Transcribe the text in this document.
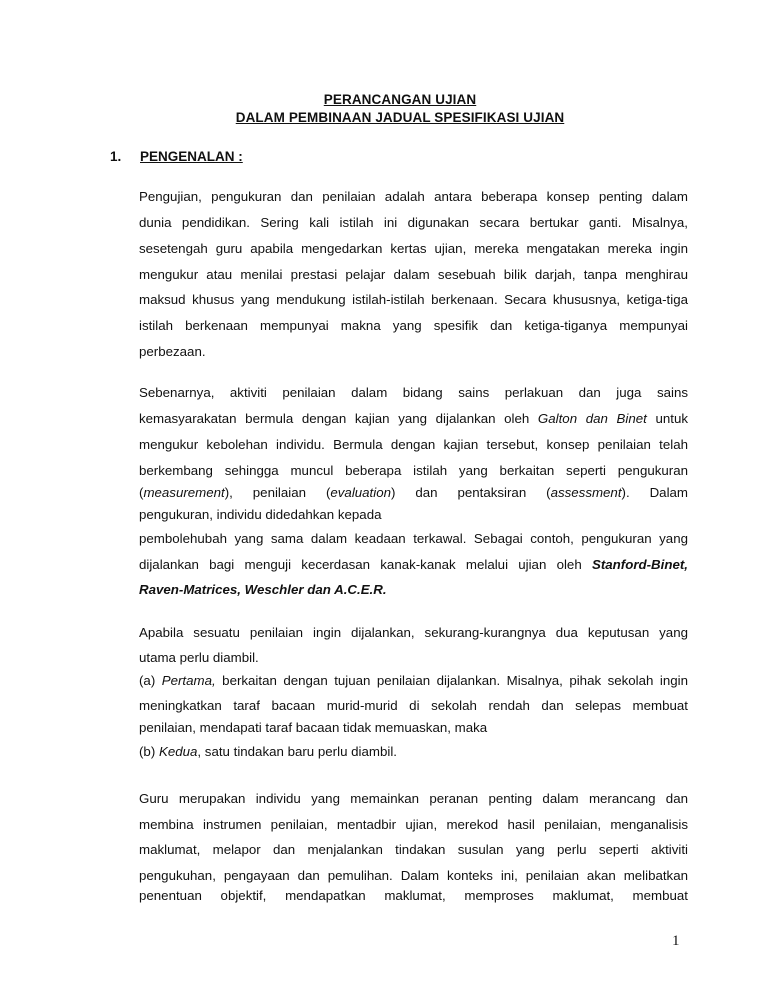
PERANCANGAN UJIAN
DALAM PEMBINAAN JADUAL SPESIFIKASI UJIAN
1. PENGENALAN :
Pengujian, pengukuran dan penilaian adalah antara beberapa konsep penting dalam
dunia pendidikan. Sering kali istilah ini digunakan secara bertukar ganti. Misalnya,
sesetengah guru apabila mengedarkan kertas ujian, mereka mengatakan mereka ingin
mengukur atau menilai prestasi pelajar dalam sesebuah bilik darjah, tanpa menghirau
maksud khusus yang mendukung istilah-istilah berkenaan. Secara khususnya, ketiga-tiga
istilah berkenaan mempunyai makna yang spesifik dan ketiga-tiganya mempunyai
perbezaan.
Sebenarnya, aktiviti penilaian dalam bidang sains perlakuan dan juga sains
kemasyarakatan bermula dengan kajian yang dijalankan oleh Galton dan Binet untuk
mengukur kebolehan individu. Bermula dengan kajian tersebut, konsep penilaian telah
berkembang sehingga muncul beberapa istilah yang berkaitan seperti pengukuran
(measurement), penilaian (evaluation) dan pentaksiran (assessment). Dalam
pengukuran, individu didedahkan kepada
pembolehubah yang sama dalam keadaan terkawal. Sebagai contoh, pengukuran yang
dijalankan bagi menguji kecerdasan kanak-kanak melalui ujian oleh Stanford-Binet,
Raven-Matrices, Weschler dan A.C.E.R.
Apabila sesuatu penilaian ingin dijalankan, sekurang-kurangnya dua keputusan yang
utama perlu diambil.
(a) Pertama, berkaitan dengan tujuan penilaian dijalankan. Misalnya, pihak sekolah ingin
meningkatkan taraf bacaan murid-murid di sekolah rendah dan selepas membuat
penilaian, mendapati taraf bacaan tidak memuaskan, maka
(b) Kedua, satu tindakan baru perlu diambil.
Guru merupakan individu yang memainkan peranan penting dalam merancang dan
membina instrumen penilaian, mentadbir ujian, merekod hasil penilaian, menganalisis
maklumat, melapor dan menjalankan tindakan susulan yang perlu seperti aktiviti
pengukuhan, pengayaan dan pemulihan. Dalam konteks ini, penilaian akan melibatkan
penentuan objektif, mendapatkan maklumat, memproses maklumat, membuat
1
